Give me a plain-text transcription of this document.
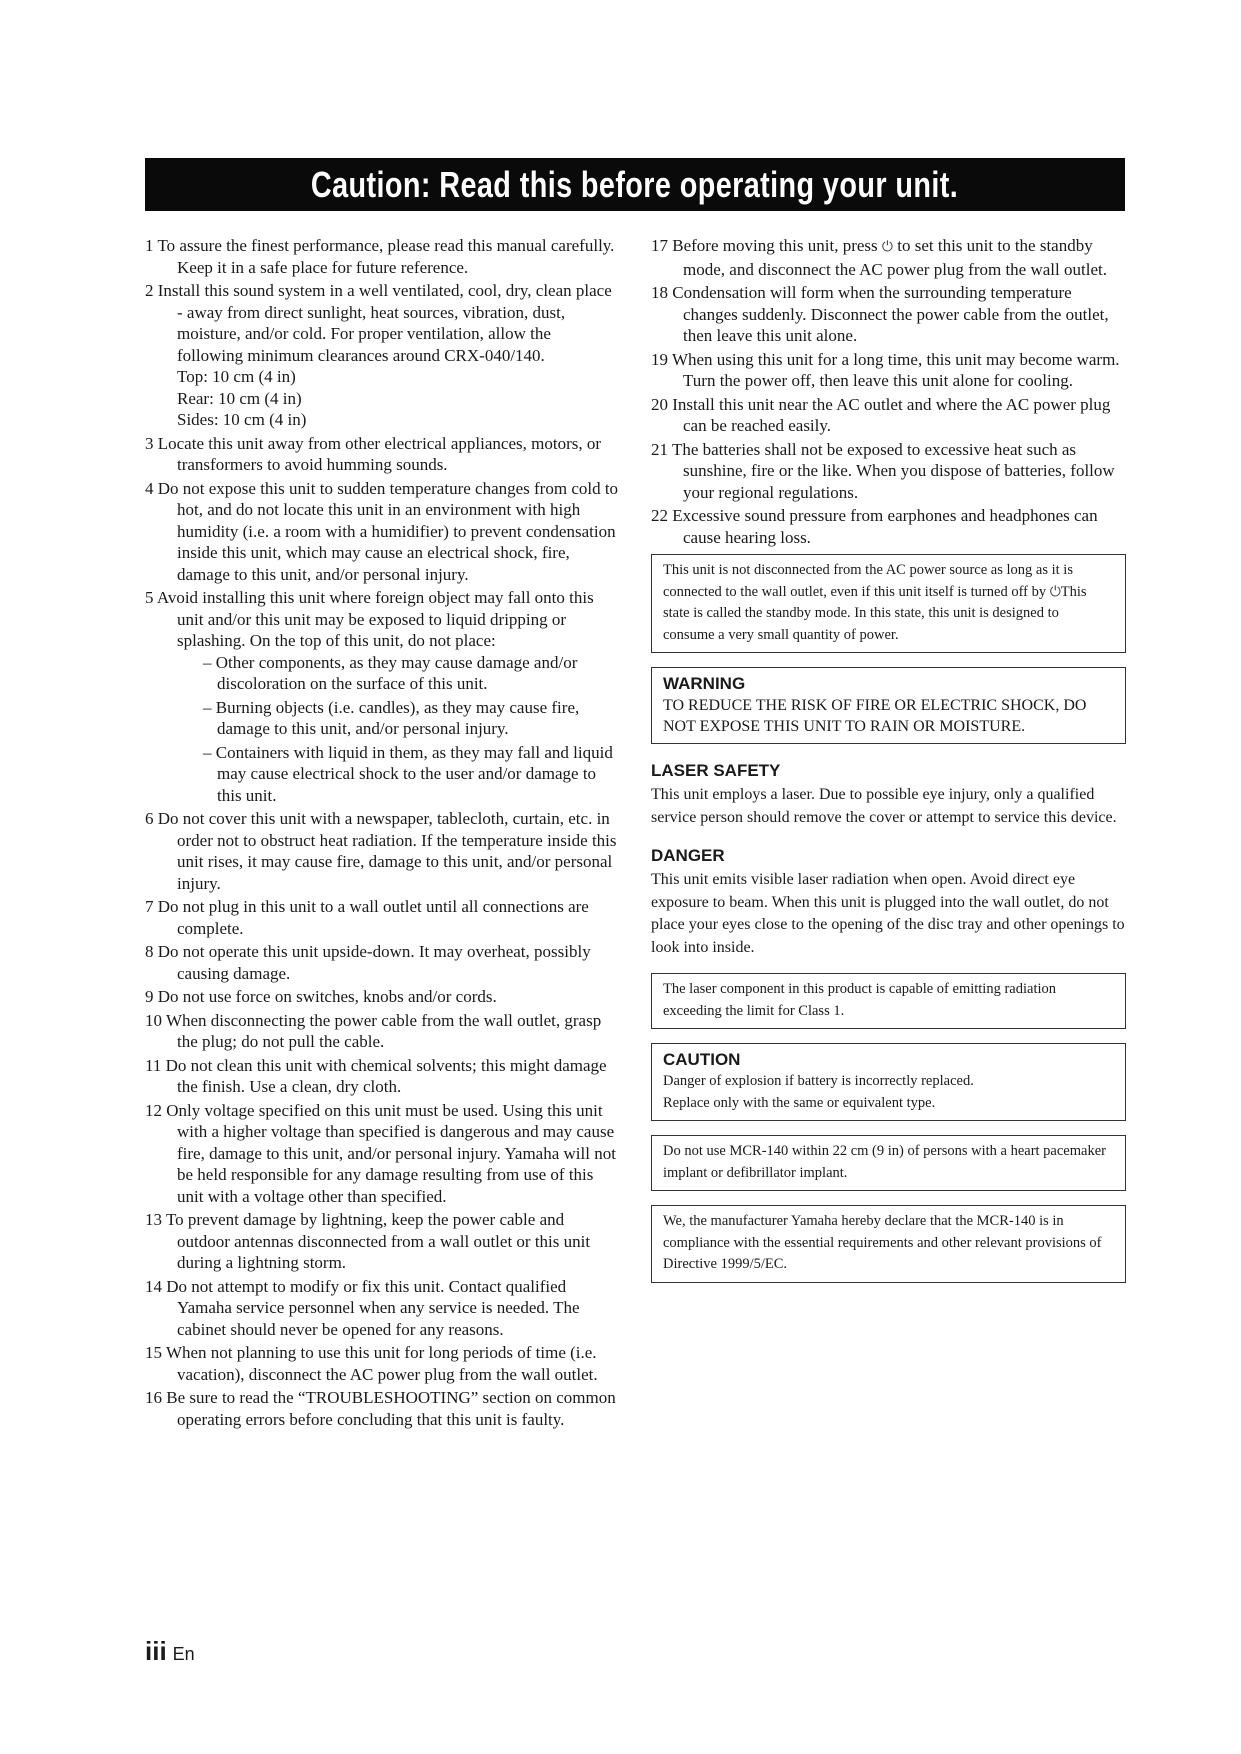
Caution: Read this before operating your unit.

1 To assure the finest performance, please read this manual carefully. Keep it in a safe place for future reference.

2 Install this sound system in a well ventilated, cool, dry, clean place - away from direct sunlight, heat sources, vibration, dust, moisture, and/or cold. For proper ventilation, allow the following minimum clearances around CRX-040/140.

Top: 10 cm (4 in)
Rear: 10 cm (4 in)
Sides: 10 cm (4 in)

3 Locate this unit away from other electrical appliances, motors, or transformers to avoid humming sounds.

4 Do not expose this unit to sudden temperature changes from cold to hot, and do not locate this unit in an environment with high humidity (i.e. a room with a humidifier) to prevent condensation inside this unit, which may cause an electrical shock, fire, damage to this unit, and/or personal injury.

5 Avoid installing this unit where foreign object may fall onto this unit and/or this unit may be exposed to liquid dripping or splashing. On the top of this unit, do not place:

– Other components, as they may cause damage and/or discoloration on the surface of this unit.
– Burning objects (i.e. candles), as they may cause fire, damage to this unit, and/or personal injury.
– Containers with liquid in them, as they may fall and liquid may cause electrical shock to the user and/or damage to this unit.

6 Do not cover this unit with a newspaper, tablecloth, curtain, etc. in order not to obstruct heat radiation. If the temperature inside this unit rises, it may cause fire, damage to this unit, and/or personal injury.

7 Do not plug in this unit to a wall outlet until all connections are complete.

8 Do not operate this unit upside-down. It may overheat, possibly causing damage.

9 Do not use force on switches, knobs and/or cords.

10 When disconnecting the power cable from the wall outlet, grasp the plug; do not pull the cable.

11 Do not clean this unit with chemical solvents; this might damage the finish. Use a clean, dry cloth.

12 Only voltage specified on this unit must be used. Using this unit with a higher voltage than specified is dangerous and may cause fire, damage to this unit, and/or personal injury. Yamaha will not be held responsible for any damage resulting from use of this unit with a voltage other than specified.

13 To prevent damage by lightning, keep the power cable and outdoor antennas disconnected from a wall outlet or this unit during a lightning storm.

14 Do not attempt to modify or fix this unit. Contact qualified Yamaha service personnel when any service is needed. The cabinet should never be opened for any reasons.

15 When not planning to use this unit for long periods of time (i.e. vacation), disconnect the AC power plug from the wall outlet.

16 Be sure to read the “TROUBLESHOOTING” section on common operating errors before concluding that this unit is faulty.

17 Before moving this unit, press ⏻ to set this unit to the standby mode, and disconnect the AC power plug from the wall outlet.

18 Condensation will form when the surrounding temperature changes suddenly. Disconnect the power cable from the outlet, then leave this unit alone.

19 When using this unit for a long time, this unit may become warm. Turn the power off, then leave this unit alone for cooling.

20 Install this unit near the AC outlet and where the AC power plug can be reached easily.

21 The batteries shall not be exposed to excessive heat such as sunshine, fire or the like. When you dispose of batteries, follow your regional regulations.

22 Excessive sound pressure from earphones and headphones can cause hearing loss.

This unit is not disconnected from the AC power source as long as it is connected to the wall outlet, even if this unit itself is turned off by ⏻This state is called the standby mode. In this state, this unit is designed to consume a very small quantity of power.
WARNING
TO REDUCE THE RISK OF FIRE OR ELECTRIC SHOCK, DO NOT EXPOSE THIS UNIT TO RAIN OR MOISTURE.
LASER SAFETY

This unit employs a laser. Due to possible eye injury, only a qualified service person should remove the cover or attempt to service this device.

DANGER

This unit emits visible laser radiation when open. Avoid direct eye exposure to beam. When this unit is plugged into the wall outlet, do not place your eyes close to the opening of the disc tray and other openings to look into inside.

The laser component in this product is capable of emitting radiation exceeding the limit for Class 1.
CAUTION
Danger of explosion if battery is incorrectly replaced.
Replace only with the same or equivalent type.
Do not use MCR-140 within 22 cm (9 in) of persons with a heart pacemaker implant or defibrillator implant.
We, the manufacturer Yamaha hereby declare that the MCR-140 is in compliance with the essential requirements and other relevant provisions of Directive 1999/5/EC.
iii En
